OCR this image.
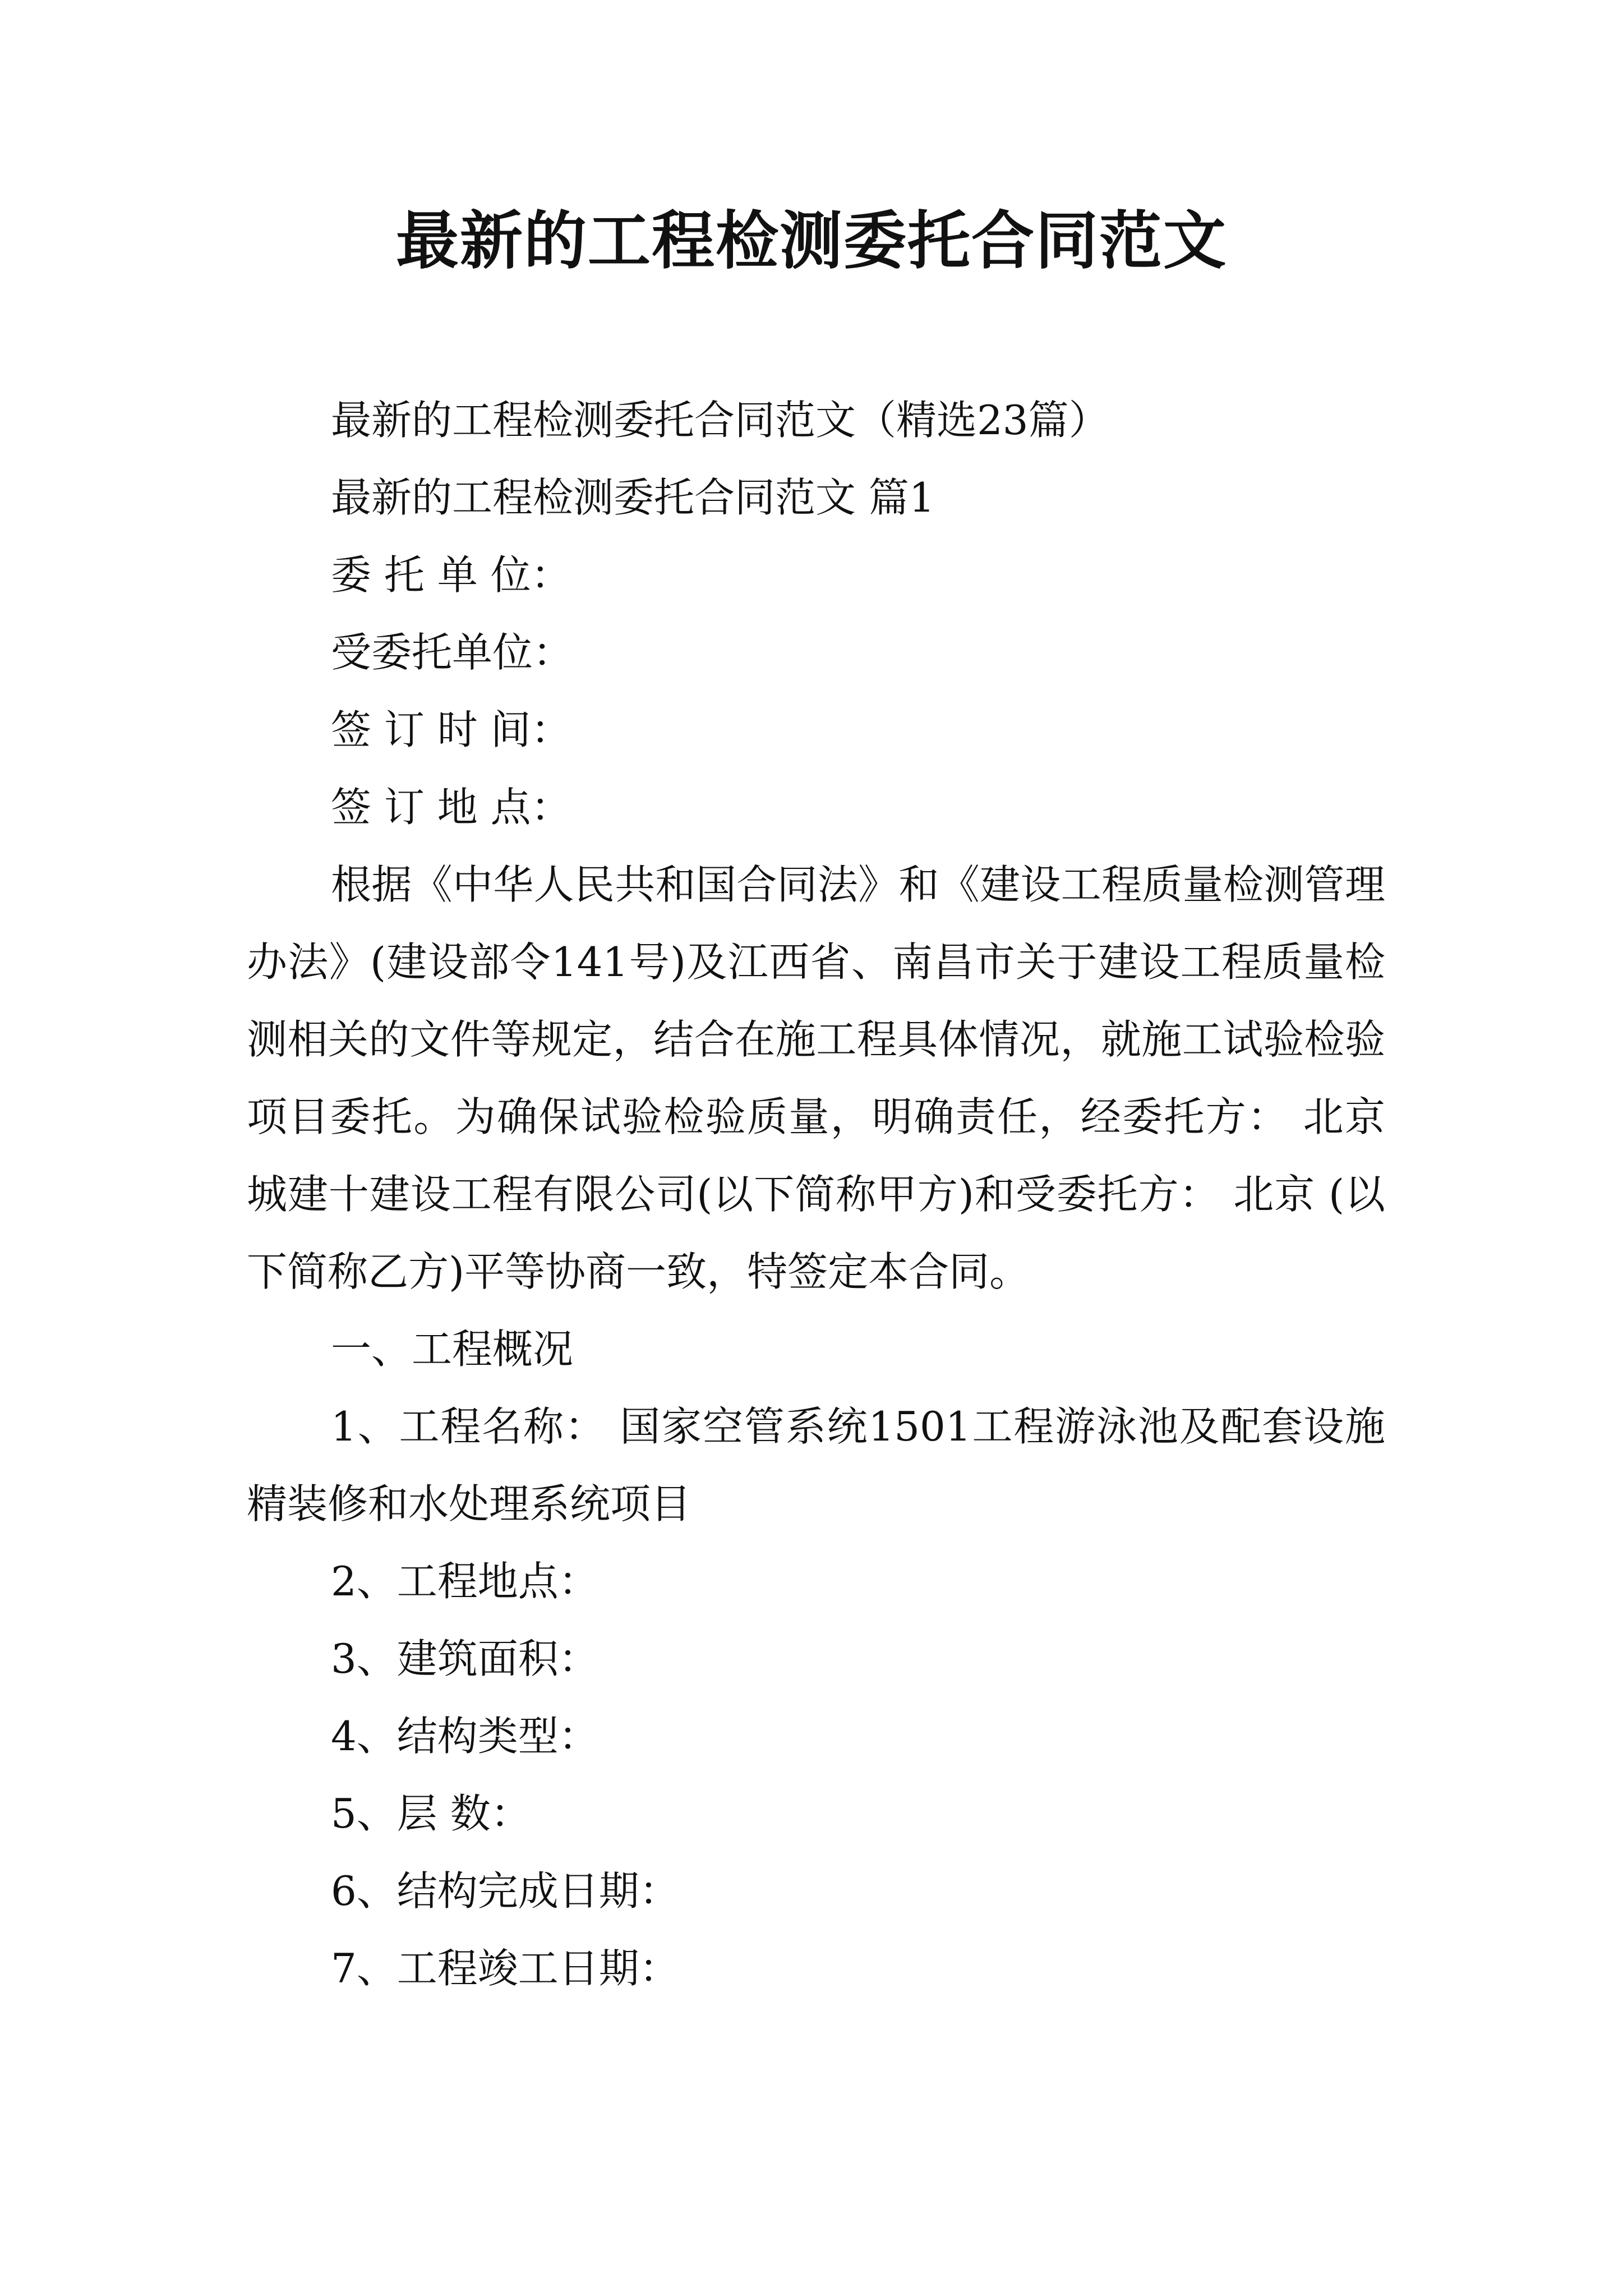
最新的工程检测委托合同范文

最新的工程检测委托合同范文（精选23篇）

最新的工程检测委托合同范文 篇1

委 托 单 位：

受委托单位：

签 订 时 间：

签 订 地 点：

根据《中华人民共和国合同法》和《建设工程质量检测管理办法》(建设部令141号)及江西省、南昌市关于建设工程质量检测相关的文件等规定，结合在施工程具体情况，就施工试验检验项目委托。为确保试验检验质量，明确责任，经委托方： 北京城建十建设工程有限公司(以下简称甲方)和受委托方： 北京 (以下简称乙方)平等协商一致，特签定本合同。

一、工程概况

1、工程名称： 国家空管系统1501工程游泳池及配套设施精装修和水处理系统项目

2、工程地点：

3、建筑面积：

4、结构类型：

5、层 数：

6、结构完成日期：

7、工程竣工日期：
